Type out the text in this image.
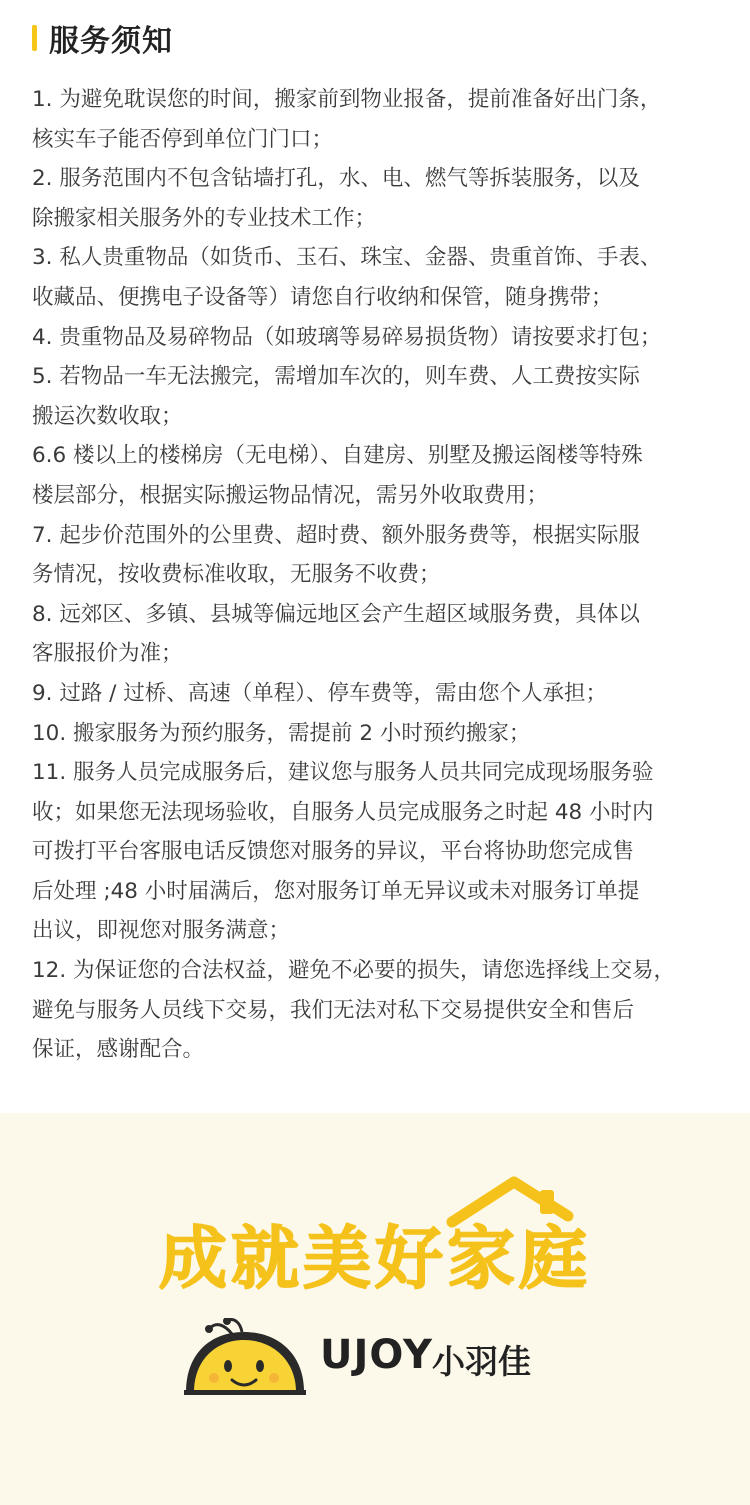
服务须知
1. 为避免耽误您的时间，搬家前到物业报备，提前准备好出门条，
核实车子能否停到单位门门口；
2. 服务范围内不包含钻墙打孔，水、电、燃气等拆装服务，以及
除搬家相关服务外的专业技术工作；
3. 私人贵重物品（如货币、玉石、珠宝、金器、贵重首饰、手表、
收藏品、便携电子设备等）请您自行收纳和保管，随身携带；
4. 贵重物品及易碎物品（如玻璃等易碎易损货物）请按要求打包；
5. 若物品一车无法搬完，需增加车次的，则车费、人工费按实际
搬运次数收取；
6.6 楼以上的楼梯房（无电梯）、自建房、别墅及搬运阁楼等特殊
楼层部分，根据实际搬运物品情况，需另外收取费用；
7. 起步价范围外的公里费、超时费、额外服务费等，根据实际服
务情况，按收费标准收取，无服务不收费；
8. 远郊区、多镇、县城等偏远地区会产生超区域服务费，具体以
客服报价为准；
9. 过路 / 过桥、高速（单程）、停车费等，需由您个人承担；
10. 搬家服务为预约服务，需提前 2 小时预约搬家；
11. 服务人员完成服务后，建议您与服务人员共同完成现场服务验
收；如果您无法现场验收，自服务人员完成服务之时起 48 小时内
可拨打平台客服电话反馈您对服务的异议，平台将协助您完成售
后处理 ;48 小时届满后，您对服务订单无异议或未对服务订单提
出议，即视您对服务满意；
12. 为保证您的合法权益，避免不必要的损失，请您选择线上交易，
避免与服务人员线下交易，我们无法对私下交易提供安全和售后
保证，感谢配合。
成就美好家庭
UJOY 小羽佳
